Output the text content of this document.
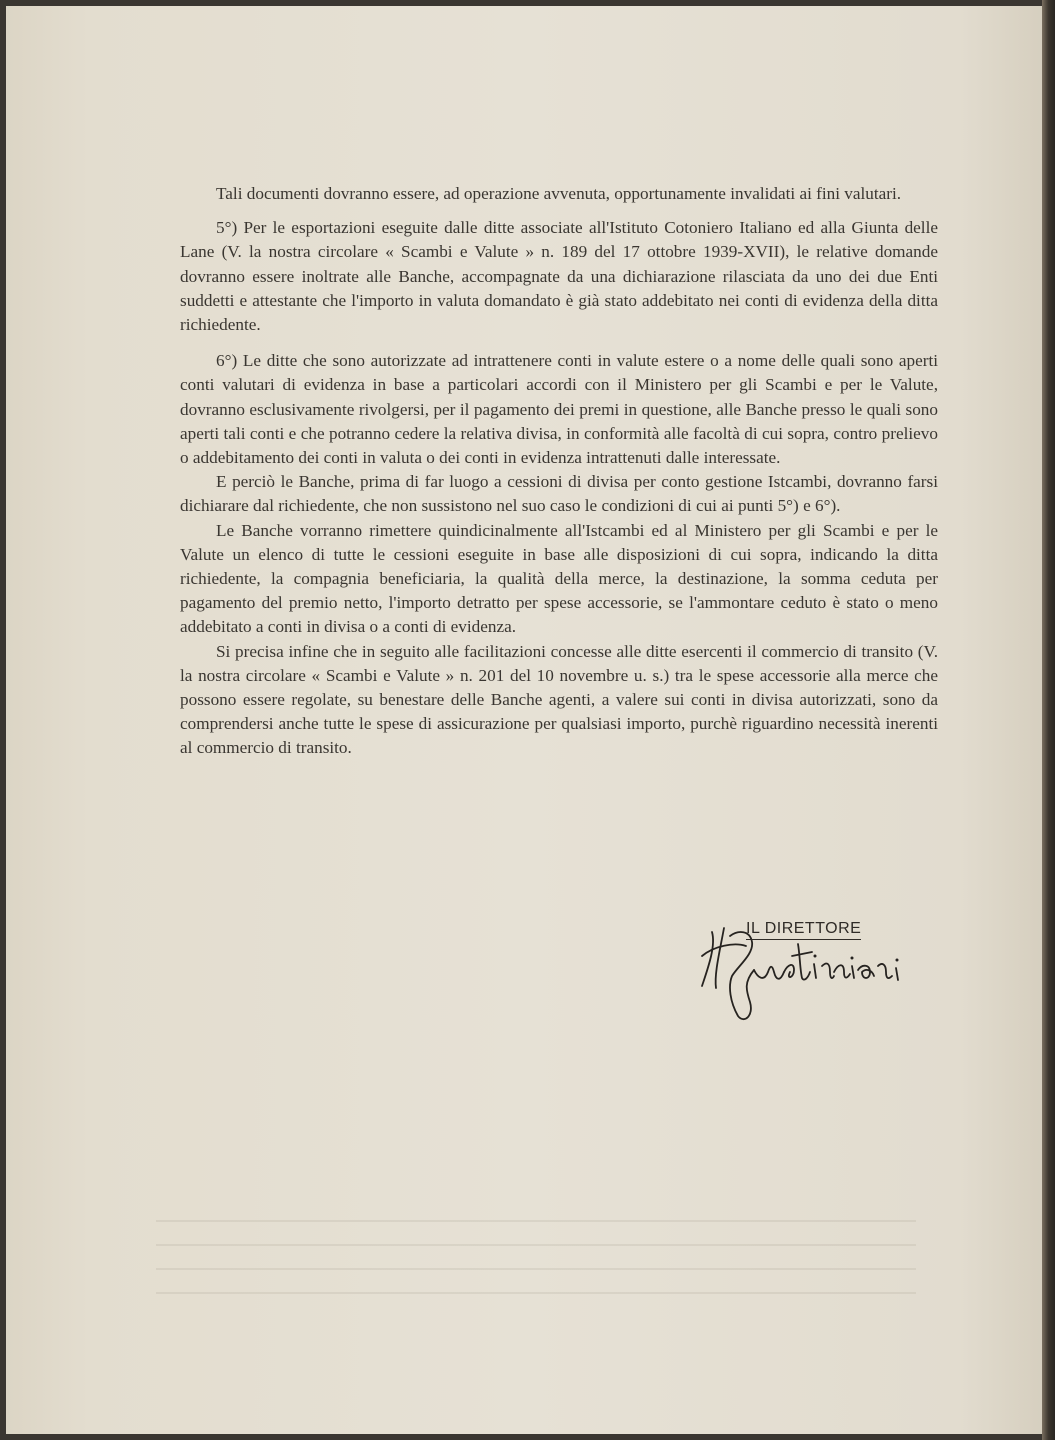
Tali documenti dovranno essere, ad operazione avvenuta, opportunamente invalidati ai fini valutari.

5°) Per le esportazioni eseguite dalle ditte associate all'Istituto Cotoniero Italiano ed alla Giunta delle Lane (V. la nostra circolare « Scambi e Valute » n. 189 del 17 ottobre 1939-XVII), le relative domande dovranno essere inoltrate alle Banche, accompagnate da una dichiarazione rilasciata da uno dei due Enti suddetti e attestante che l'importo in valuta domandato è già stato addebitato nei conti di evidenza della ditta richiedente.

6°) Le ditte che sono autorizzate ad intrattenere conti in valute estere o a nome delle quali sono aperti conti valutari di evidenza in base a particolari accordi con il Ministero per gli Scambi e per le Valute, dovranno esclusivamente rivolgersi, per il pagamento dei premi in questione, alle Banche presso le quali sono aperti tali conti e che potranno cedere la relativa divisa, in conformità alle facoltà di cui sopra, contro prelievo o addebitamento dei conti in valuta o dei conti in evidenza intrattenuti dalle interessate.

E perciò le Banche, prima di far luogo a cessioni di divisa per conto gestione Istcambi, dovranno farsi dichiarare dal richiedente, che non sussistono nel suo caso le condizioni di cui ai punti 5°) e 6°).

Le Banche vorranno rimettere quindicinalmente all'Istcambi ed al Ministero per gli Scambi e per le Valute un elenco di tutte le cessioni eseguite in base alle disposizioni di cui sopra, indicando la ditta richiedente, la compagnia beneficiaria, la qualità della merce, la destinazione, la somma ceduta per pagamento del premio netto, l'importo detratto per spese accessorie, se l'ammontare ceduto è stato o meno addebitato a conti in divisa o a conti di evidenza.

Si precisa infine che in seguito alle facilitazioni concesse alle ditte esercenti il commercio di transito (V. la nostra circolare « Scambi e Valute » n. 201 del 10 novembre u. s.) tra le spese accessorie alla merce che possono essere regolate, su benestare delle Banche agenti, a valere sui conti in divisa autorizzati, sono da comprendersi anche tutte le spese di assicurazione per qualsiasi importo, purchè riguardino necessità inerenti al commercio di transito.

IL DIRETTORE
